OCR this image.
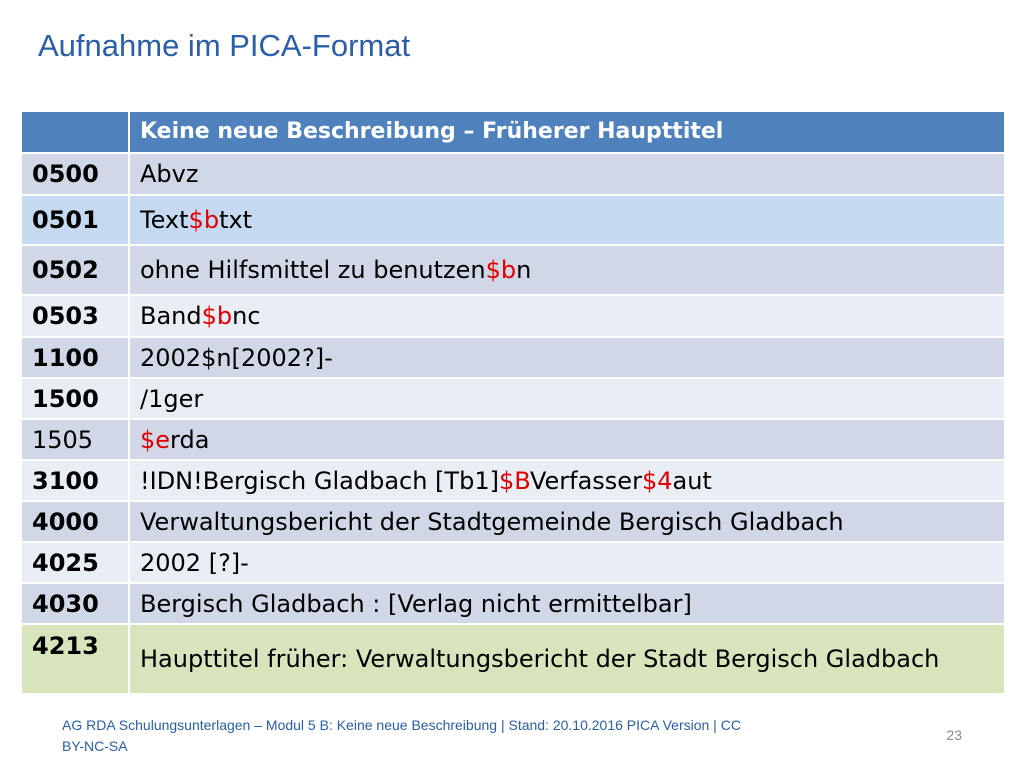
Aufnahme im PICA-Format
	Keine neue Beschreibung – Früherer Haupttitel
0500	Abvz
0501	Text$btxt
0502	ohne Hilfsmittel zu benutzen$bn
0503	Band$bnc
1100	2002$n[2002?]-
1500	/1ger
1505	$erda
3100	!IDN!Bergisch Gladbach [Tb1]$BVerfasser$4aut
4000	Verwaltungsbericht der Stadtgemeinde Bergisch Gladbach
4025	2002 [?]-
4030	Bergisch Gladbach : [Verlag nicht ermittelbar]
4213	Haupttitel früher: Verwaltungsbericht der Stadt Bergisch Gladbach
AG RDA Schulungsunterlagen – Modul 5 B: Keine neue Beschreibung | Stand: 20.10.2016 PICA Version | CC BY-NC-SA
23
